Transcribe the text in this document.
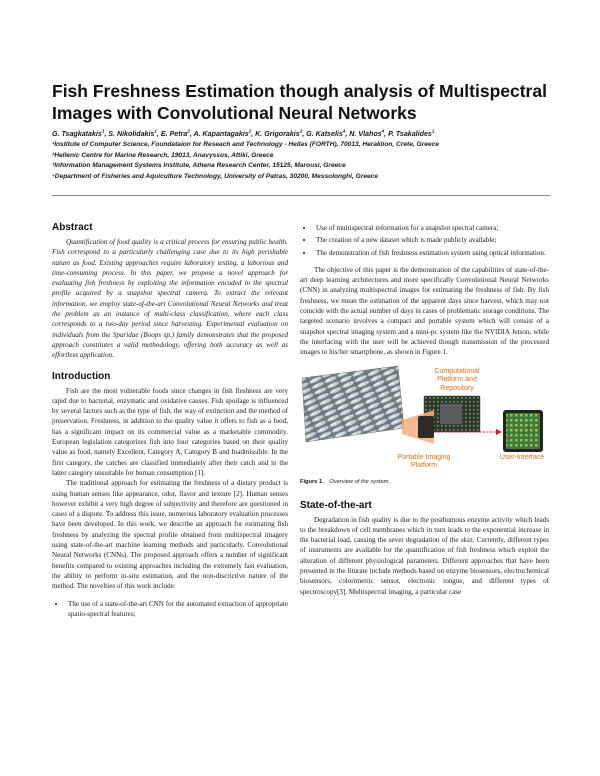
Fish Freshness Estimation though analysis of Multispectral Images with Convolutional Neural Networks
G. Tsagkatakis$^1$, S. Nikolidakis$^1$, E. Petra$^2$, A. Kapantagakis$^2$, K. Grigorakis$^2$, G. Katselis$^4$, N. Vlahos$^4$, P. Tsakalides$^1$
¹Institute of Computer Science, Foundataion for Reseach and Technology - Hellas (FORTH), 70013, Heraklion, Crete, Greece
²Hellenic Centre for Marine Research, 19013, Anavyssos, Attiki, Greece
³Information Management Systems Institute, Athena Research Center, 15125, Marousi, Greece
⁴Department of Fisheries and Aquiculture Technology, University of Patras, 30200, Messolonghi, Greece
Abstract

Quantification of food quality is a critical process for ensuring public health. Fish correspond to a particularly challenging case due to its high perishable nature as food. Existing approaches require laboratory testing, a laborious and time-consuming process. In this paper, we propose a novel approach for evaluating fish freshness by exploiting the information encoded in the spectral profile acquired by a snapshot spectral camera. To extract the relevant information, we employ state-of-the-art Convolutional Neural Networks and treat the problem as an instance of multi-class classification, where each class corresponds to a two-day period since harvesting. Experimental evaluation on individuals from the Sparidae (Boops sp.) family demonstrates that the proposed approach constitutes a valid methodology, offering both accuracy as well as effortless application.

Introduction

Fish are the most vulnerable foods since changes in fish fleshness are very rapid due to bacterial, enzymatic and oxidative causes. Fish spoilage is influenced by several factors such as the type of fish, the way of extinction and the method of preservation. Freshness, in addition to the quality value it offers to fish as a food, has a significant impact on its commercial value as a marketable commodity. European legislation categorizes fish into four categories based on their quality value as food, namely Excellent, Category A, Category B and Inadmissible. In the first category, the catches are classified immediately after their catch and in the latter category unsuitable for human consumption [1].

The traditional approach for estimating the freshness of a dietary product is using human senses like appearance, odor, flavor and texture [2]. Human senses however exhibit a very high degree of subjectivity and therefore are questioned in cases of a dispute. To address this issue, numerous laboratory evaluation processes have been developed. In this work, we describe an approach for estimating fish freshness by analyzing the spectral profile obtained from multispectral imagery using state-of-the-art machine learning methods and particularly, Convolutional Neural Networks (CNNs). The proposed approach offers a number of significant benefits compared to existing approaches including the extremely fast evaluation, the ability to perform in-situ estimation, and the non-discrictive nature of the method. The novelties of this work include:

• The use of a state-of-the-art CNN for the automated extraction of appropriate spatio-spectral features;
• Use of multispectral information for a snapshot spectral camera;
• The creation of a new dataset which is made publicly available;
• The demonstration of fish freshness estimation system using optical information.

The objective of this paper is the demonstration of the capabilities of state-of-the-art deep learning architectures and more specifically Convolutional Neural Networks (CNN) in analyzing multispectral images for estimating the freshness of fish. By fish freshness, we mean the estimation of the apparent days since harvest, which may not coincide with the actual number of days in cases of problematic storage conditions. The targeted scenario involves a compact and portable system which will consist of a snapshot spectral imaging system and a mini-pc system like the NVIDIA Jetson, while the interfacing with the user will be achieved though transmission of the processed images to his/her smartphone, as shown in Figure 1.

Computational Platform and Repository
Portable Imaging Platform
User-Interface
Figure 1. Overview of the system.
State-of-the-art

Degradation in fish quality is due to the posthumous enzyme activity which leads to the breakdown of cell membranes which in turn leads to the exponential increase in the bacterial load, causing the sever degradation of the skin. Currently, different types of instruments are available for the quantification of fish freshness which exploit the alteration of different physiological parameters. Different approaches that have been presented in the liturate include methods based on enzyme biosensors, electrochemical biosensors, colorimetric sensor, electronic tongue, and different types of spectroscopy[3]. Multispectral imaging, a particular case
